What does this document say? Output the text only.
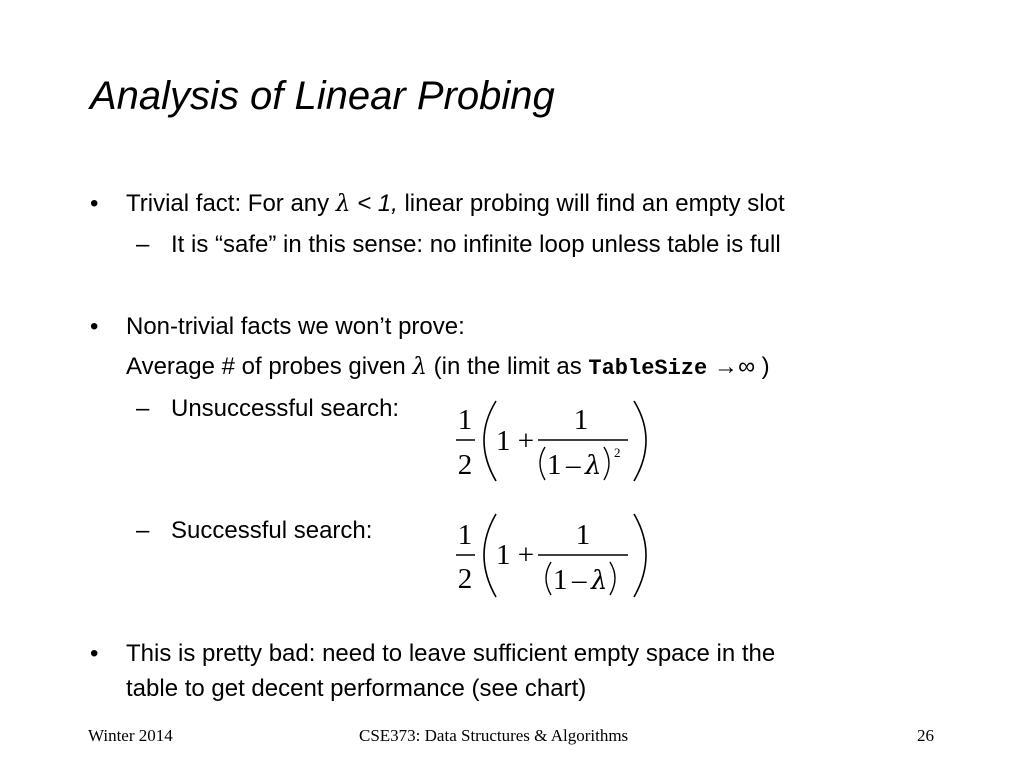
Analysis of Linear Probing
• Trivial fact: For any λ < 1, linear probing will find an empty slot
– It is “safe” in this sense: no infinite loop unless table is full
• Non-trivial facts we won’t prove:
Average # of probes given λ (in the limit as TableSize →∞ )
– Unsuccessful search: 1
2
1 +
1
1 – λ 2
– Successful search:	1
2
1 +
1
1 – λ
• This is pretty bad: need to leave sufficient empty space in the
table to get decent performance (see chart)
Winter 2014	CSE373: Data Structures & Algorithms	26
